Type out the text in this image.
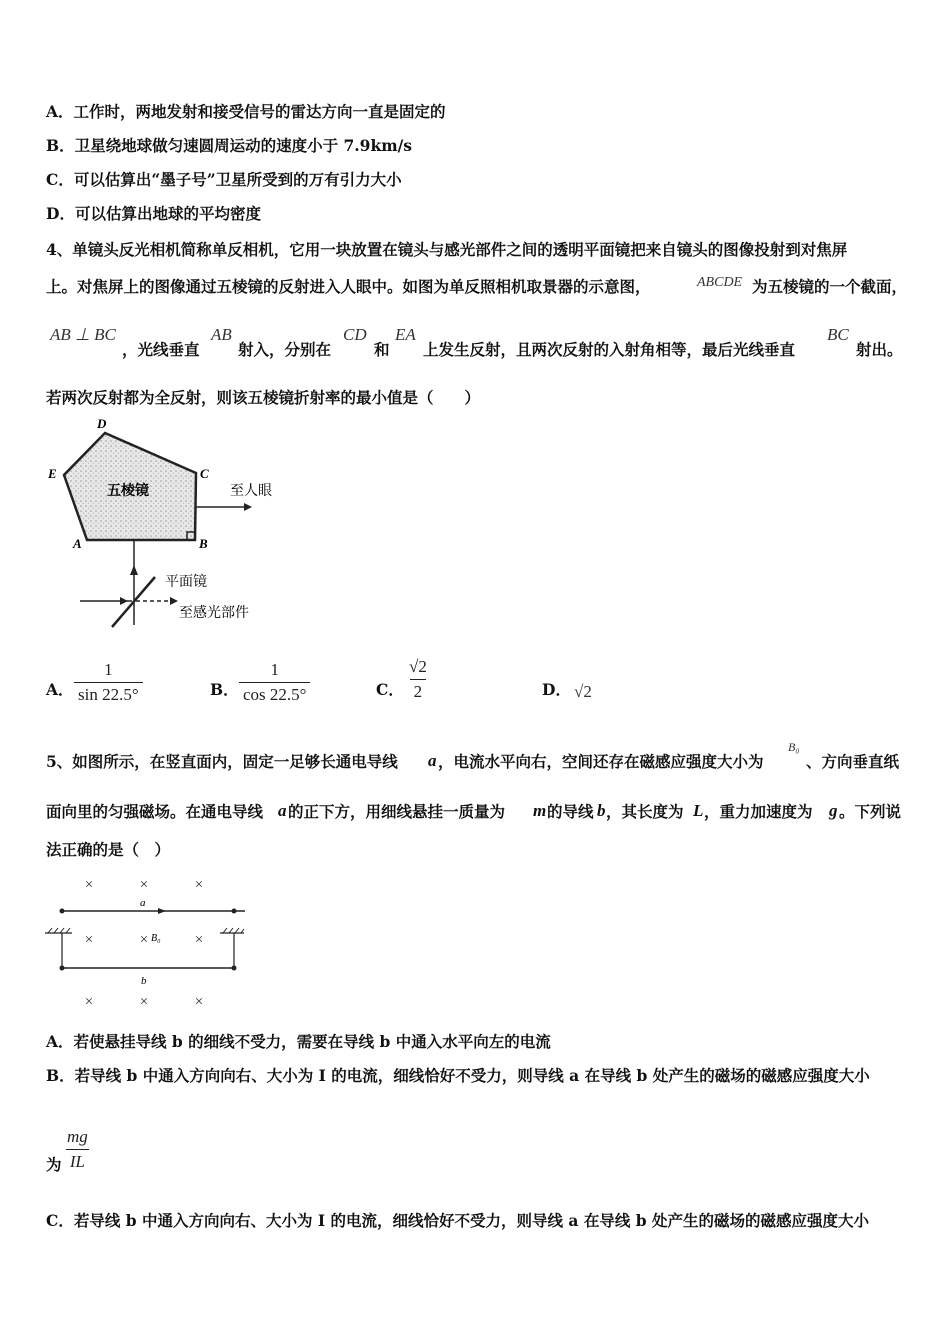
A．工作时，两地发射和接受信号的雷达方向一直是固定的
B．卫星绕地球做匀速圆周运动的速度小于 7.9km/s
C．可以估算出“墨子号”卫星所受到的万有引力大小
D．可以估算出地球的平均密度
4、单镜头反光相机简称单反相机，它用一块放置在镜头与感光部件之间的透明平面镜把来自镜头的图像投射到对焦屏
上。对焦屏上的图像通过五棱镜的反射进入人眼中。如图为单反照相机取景器的示意图，	ABCDE 为五棱镜的一个截面，
AB ⊥ BC
，光线垂直
AB
射入，分别在
CD
和
EA
上发生反射，且两次反射的入射角相等，最后光线垂直
BC
射出。
若两次反射都为全反射，则该五棱镜折射率的最小值是（　　）
D
E	C
A	B
五棱镜	至人眼
平面镜
至感光部件
A． $\frac{1}{\sin 22.5^\circ}$	B． $\frac{1}{\cos 22.5^\circ}$	C． $\frac{√2}{2}$	D． √2
5、如图所示，在竖直面内，固定一足够长通电导线 a ，电流水平向右，空间还存在磁感应强度大小为
B₀
、方向垂直纸
面向里的匀强磁场。在通电导线 a 的正下方，用细线悬挂一质量为 m 的导线 b ，其长度为 L ，重力加速度为 g 。下列说
法正确的是（　）
×	×	×
×	×	×
×	×	×
a
B₀
b
A．若使悬挂导线 b 的细线不受力，需要在导线 b 中通入水平向左的电流
B．若导线 b 中通入方向向右、大小为 I 的电流，细线恰好不受力，则导线 a 在导线 b 处产生的磁场的磁感应强度大小
为 $\frac{mg}{IL}$
C．若导线 b 中通入方向向右、大小为 I 的电流，细线恰好不受力，则导线 a 在导线 b 处产生的磁场的磁感应强度大小
